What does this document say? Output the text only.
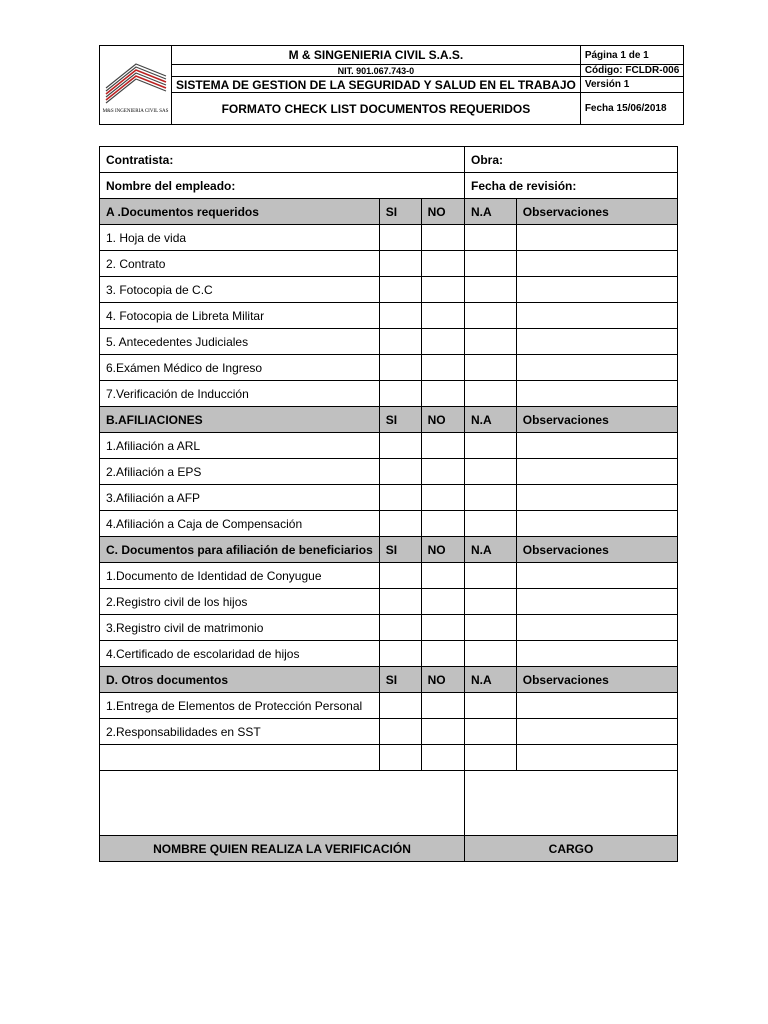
M&S INGENIERIA CIVIL SAS	M & SINGENIERIA CIVIL S.A.S.	Página 1 de 1
	NIT. 901.067.743-0	Código: FCLDR-006
	SISTEMA DE GESTION DE LA SEGURIDAD Y SALUD EN EL TRABAJO	Versión 1
	FORMATO CHECK LIST DOCUMENTOS REQUERIDOS	Fecha 15/06/2018
Contratista:			Obra:	
Nombre del empleado:			Fecha de revisión:	
A .Documentos requeridos	SI	NO	N.A	Observaciones
1. Hoja de vida				
2. Contrato				
3. Fotocopia de C.C				
4. Fotocopia de Libreta Militar				
5. Antecedentes Judiciales				
6.Exámen Médico de Ingreso				
7.Verificación de Inducción				
B.AFILIACIONES	SI	NO	N.A	Observaciones
1.Afiliación a ARL				
2.Afiliación a EPS				
3.Afiliación a AFP				
4.Afiliación a Caja de Compensación				
C. Documentos para afiliación de beneficiarios	SI	NO	N.A	Observaciones
1.Documento de Identidad de Conyugue				
2.Registro civil de los hijos				
3.Registro civil de matrimonio				
4.Certificado de escolaridad de hijos				
D. Otros documentos	SI	NO	N.A	Observaciones
1.Entrega de Elementos de Protección Personal				
2.Responsabilidades en SST				

NOMBRE QUIEN REALIZA LA VERIFICACIÓN			CARGO	
